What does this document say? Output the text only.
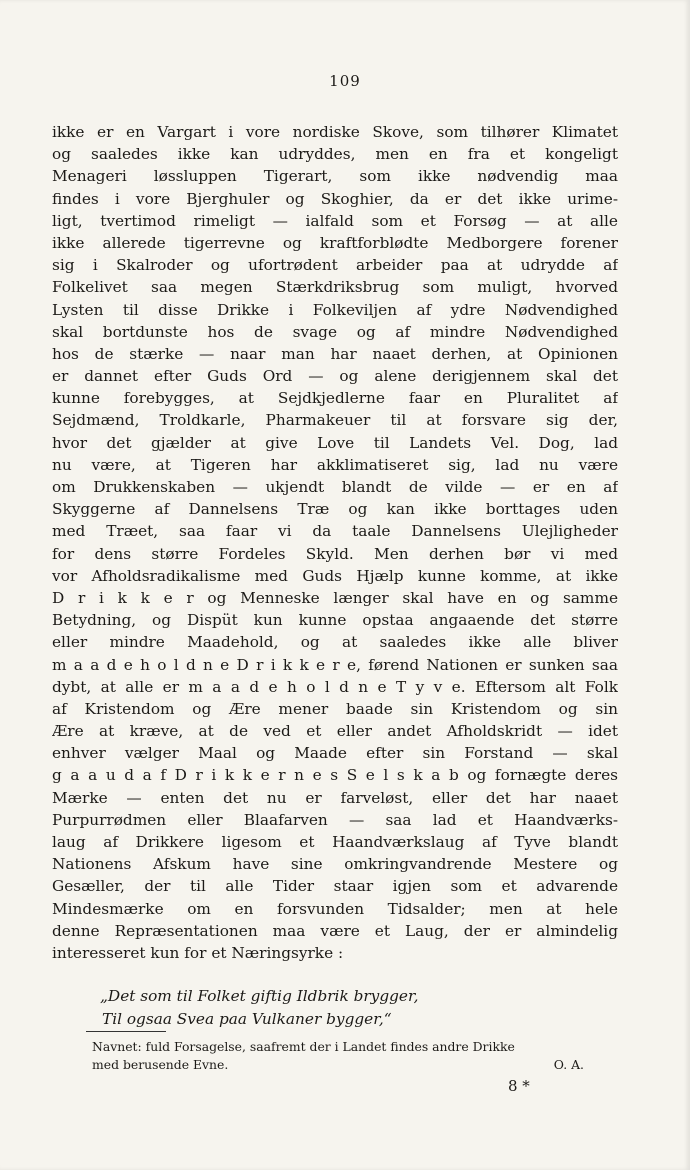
109
ikke er en Vargart i vore nordiske Skove, som tilhører Klimatet
og saaledes ikke kan udryddes, men en fra et kongeligt
Menageri løssluppen Tigerart, som ikke nødvendig maa
findes i vore Bjerghuler og Skoghier, da er det ikke urime-
ligt, tvertimod rimeligt — ialfald som et Forsøg — at alle
ikke allerede tigerrevne og kraftforblødte Medborgere forener
sig i Skalroder og ufortrødent arbeider paa at udrydde af
Folkelivet saa megen Stærkdriksbrug som muligt, hvorved
Lysten til disse Drikke i Folkeviljen af ydre Nødvendighed
skal bortdunste hos de svage og af mindre Nødvendighed
hos de stærke — naar man har naaet derhen, at Opinionen
er dannet efter Guds Ord — og alene derigjennem skal det
kunne forebygges, at Sejdkjedlerne faar en Pluralitet af
Sejdmænd, Troldkarle, Pharmakeuer til at forsvare sig der,
hvor det gjælder at give Love til Landets Vel. Dog, lad
nu være, at Tigeren har akklimatiseret sig, lad nu være
om Drukkenskaben — ukjendt blandt de vilde — er en af
Skyggerne af Dannelsens Træ og kan ikke borttages uden
med Træet, saa faar vi da taale Dannelsens Ulejligheder
for dens større Fordeles Skyld. Men derhen bør vi med
vor Afholdsradikalisme med Guds Hjælp kunne komme, at ikke
D r i k k e r og Menneske længer skal have en og samme
Betydning, og Dispüt kun kunne opstaa angaaende det større
eller mindre Maadehold, og at saaledes ikke alle bliver
m a a d e h o l d n e D r i k k e r e, førend Nationen er sunken saa
dybt, at alle er m a a d e h o l d n e T y v e. Eftersom alt Folk
af Kristendom og Ære mener baade sin Kristendom og sin
Ære at kræve, at de ved et eller andet Afholdskridt — idet
enhver vælger Maal og Maade efter sin Forstand — skal
g a a u d a f D r i k k e r n e s S e l s k a b og fornægte deres
Mærke — enten det nu er farveløst, eller det har naaet
Purpurrødmen eller Blaafarven — saa lad et Haandværks-
laug af Drikkere ligesom et Haandværkslaug af Tyve blandt
Nationens Afskum have sine omkringvandrende Mestere og
Gesæller, der til alle Tider staar igjen som et advarende
Mindesmærke om en forsvunden Tidsalder; men at hele
denne Repræsentationen maa være et Laug, der er almindelig
interesseret kun for et Næringsyrke :
„Det som til Folket giftig Ildbrik brygger,
Til ogsaa Svea paa Vulkaner bygger,“
Navnet: fuld Forsagelse, saafremt der i Landet findes andre Drikke
med berusende Evne.	O. A.
8 *
